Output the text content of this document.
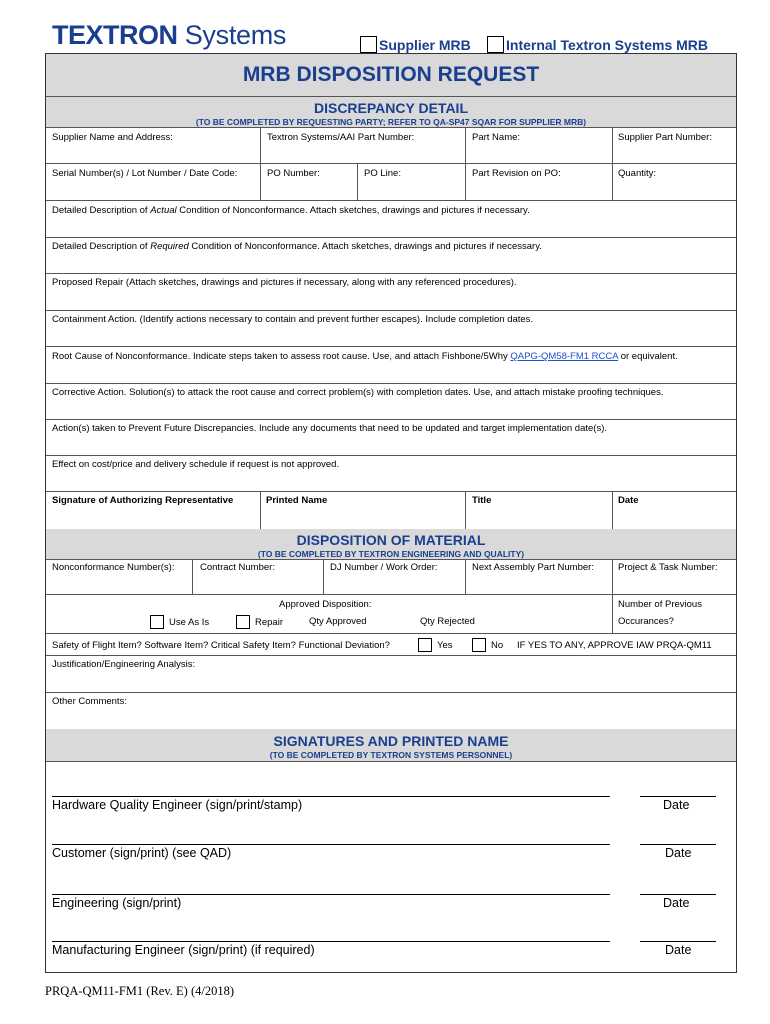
TEXTRON Systems	Supplier MRB	Internal Textron Systems MRB
MRB DISPOSITION REQUEST
DISCREPANCY DETAIL
(TO BE COMPLETED BY REQUESTING PARTY; REFER TO QA-SP47 SQAR FOR SUPPLIER MRB)
Supplier Name and Address:	Textron Systems/AAI Part Number:	Part Name:	Supplier Part Number:
Serial Number(s) / Lot Number / Date Code:	PO Number:	PO Line:	Part Revision on PO:	Quantity:
Detailed Description of Actual Condition of Nonconformance. Attach sketches, drawings and pictures if necessary.
Detailed Description of Required Condition of Nonconformance. Attach sketches, drawings and pictures if necessary.
Proposed Repair (Attach sketches, drawings and pictures if necessary, along with any referenced procedures).
Containment Action. (Identify actions necessary to contain and prevent further escapes). Include completion dates.
Root Cause of Nonconformance. Indicate steps taken to assess root cause. Use, and attach Fishbone/5Why QAPG-QM58-FM1 RCCA or equivalent.
Corrective Action. Solution(s) to attack the root cause and correct problem(s) with completion dates. Use, and attach mistake proofing techniques.
Action(s) taken to Prevent Future Discrepancies. Include any documents that need to be updated and target implementation date(s).
Effect on cost/price and delivery schedule if request is not approved.
Signature of Authorizing Representative	Printed Name	Title	Date
DISPOSITION OF MATERIAL
(TO BE COMPLETED BY TEXTRON ENGINEERING AND QUALITY)
Nonconformance Number(s):	Contract Number:	DJ Number / Work Order:	Next Assembly Part Number:	Project & Task Number:
Approved Disposition:
Use As Is	Repair	Qty Approved	Qty Rejected
Number of Previous
Occurances?
Safety of Flight Item? Software Item? Critical Safety Item? Functional Deviation?	Yes	No IF YES TO ANY, APPROVE IAW PRQA-QM11
Justification/Engineering Analysis:
Other Comments:
SIGNATURES AND PRINTED NAME
(TO BE COMPLETED BY TEXTRON SYSTEMS PERSONNEL)
Hardware Quality Engineer (sign/print/stamp)	Date
Customer (sign/print) (see QAD)	Date
Engineering (sign/print)	Date
Manufacturing Engineer (sign/print) (if required)	Date
PRQA-QM11-FM1 (Rev. E) (4/2018)
